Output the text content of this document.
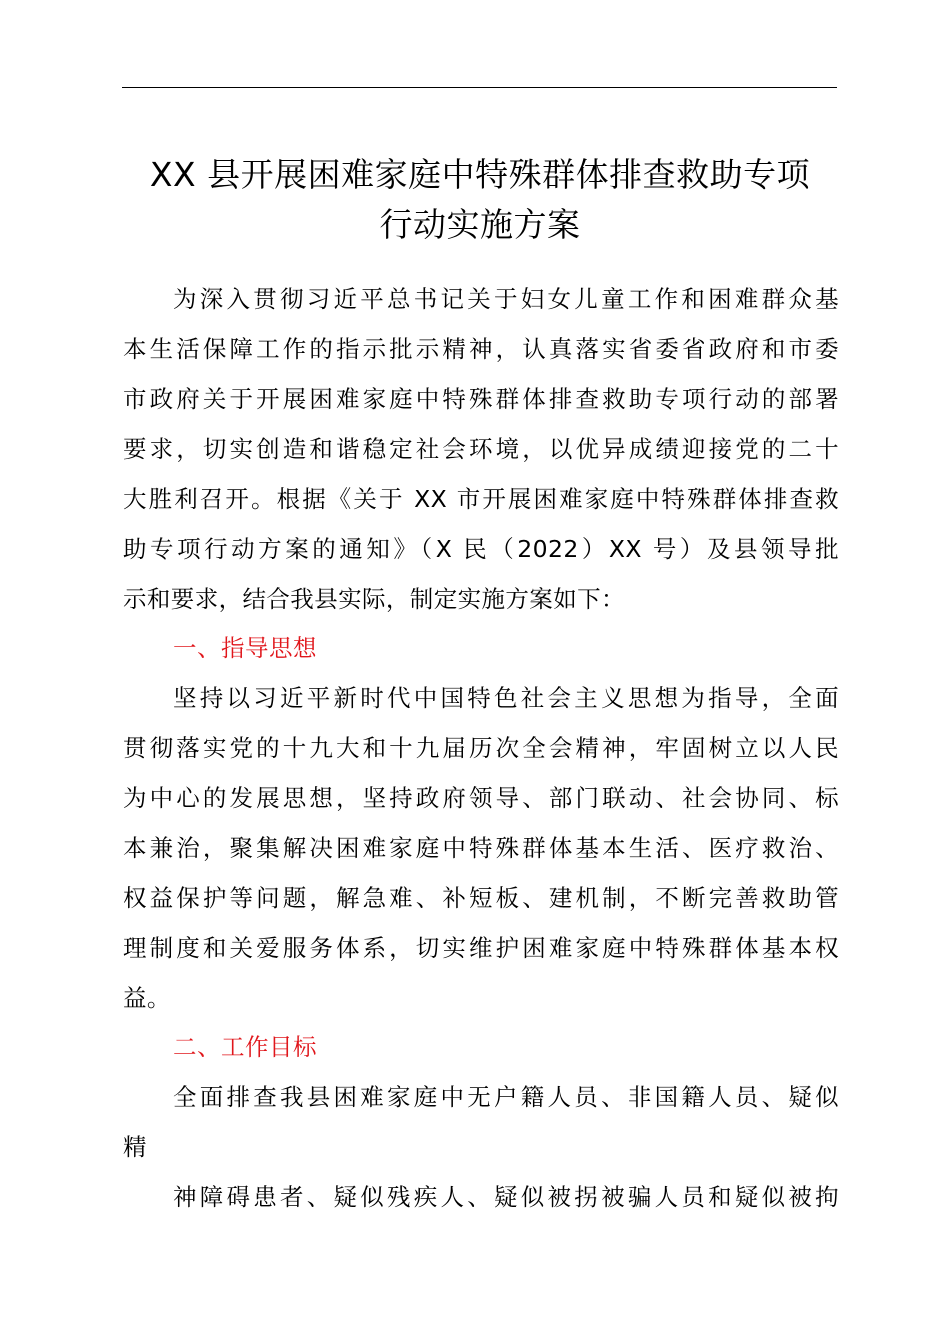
XX 县开展困难家庭中特殊群体排查救助专项
行动实施方案

为深入贯彻习近平总书记关于妇女儿童工作和困难群众基
本生活保障工作的指示批示精神，认真落实省委省政府和市委
市政府关于开展困难家庭中特殊群体排查救助专项行动的部署
要求，切实创造和谐稳定社会环境，以优异成绩迎接党的二十
大胜利召开。根据《关于 XX 市开展困难家庭中特殊群体排查救
助专项行动方案的通知》（X 民（2022）XX 号）及县领导批
示和要求，结合我县实际，制定实施方案如下：

一、指导思想

坚持以习近平新时代中国特色社会主义思想为指导，全面
贯彻落实党的十九大和十九届历次全会精神，牢固树立以人民
为中心的发展思想，坚持政府领导、部门联动、社会协同、标
本兼治，聚集解决困难家庭中特殊群体基本生活、医疗救治、
权益保护等问题，解急难、补短板、建机制，不断完善救助管
理制度和关爱服务体系，切实维护困难家庭中特殊群体基本权
益。

二、工作目标

全面排查我县困难家庭中无户籍人员、非国籍人员、疑似
精
神障碍患者、疑似残疾人、疑似被拐被骗人员和疑似被拘
